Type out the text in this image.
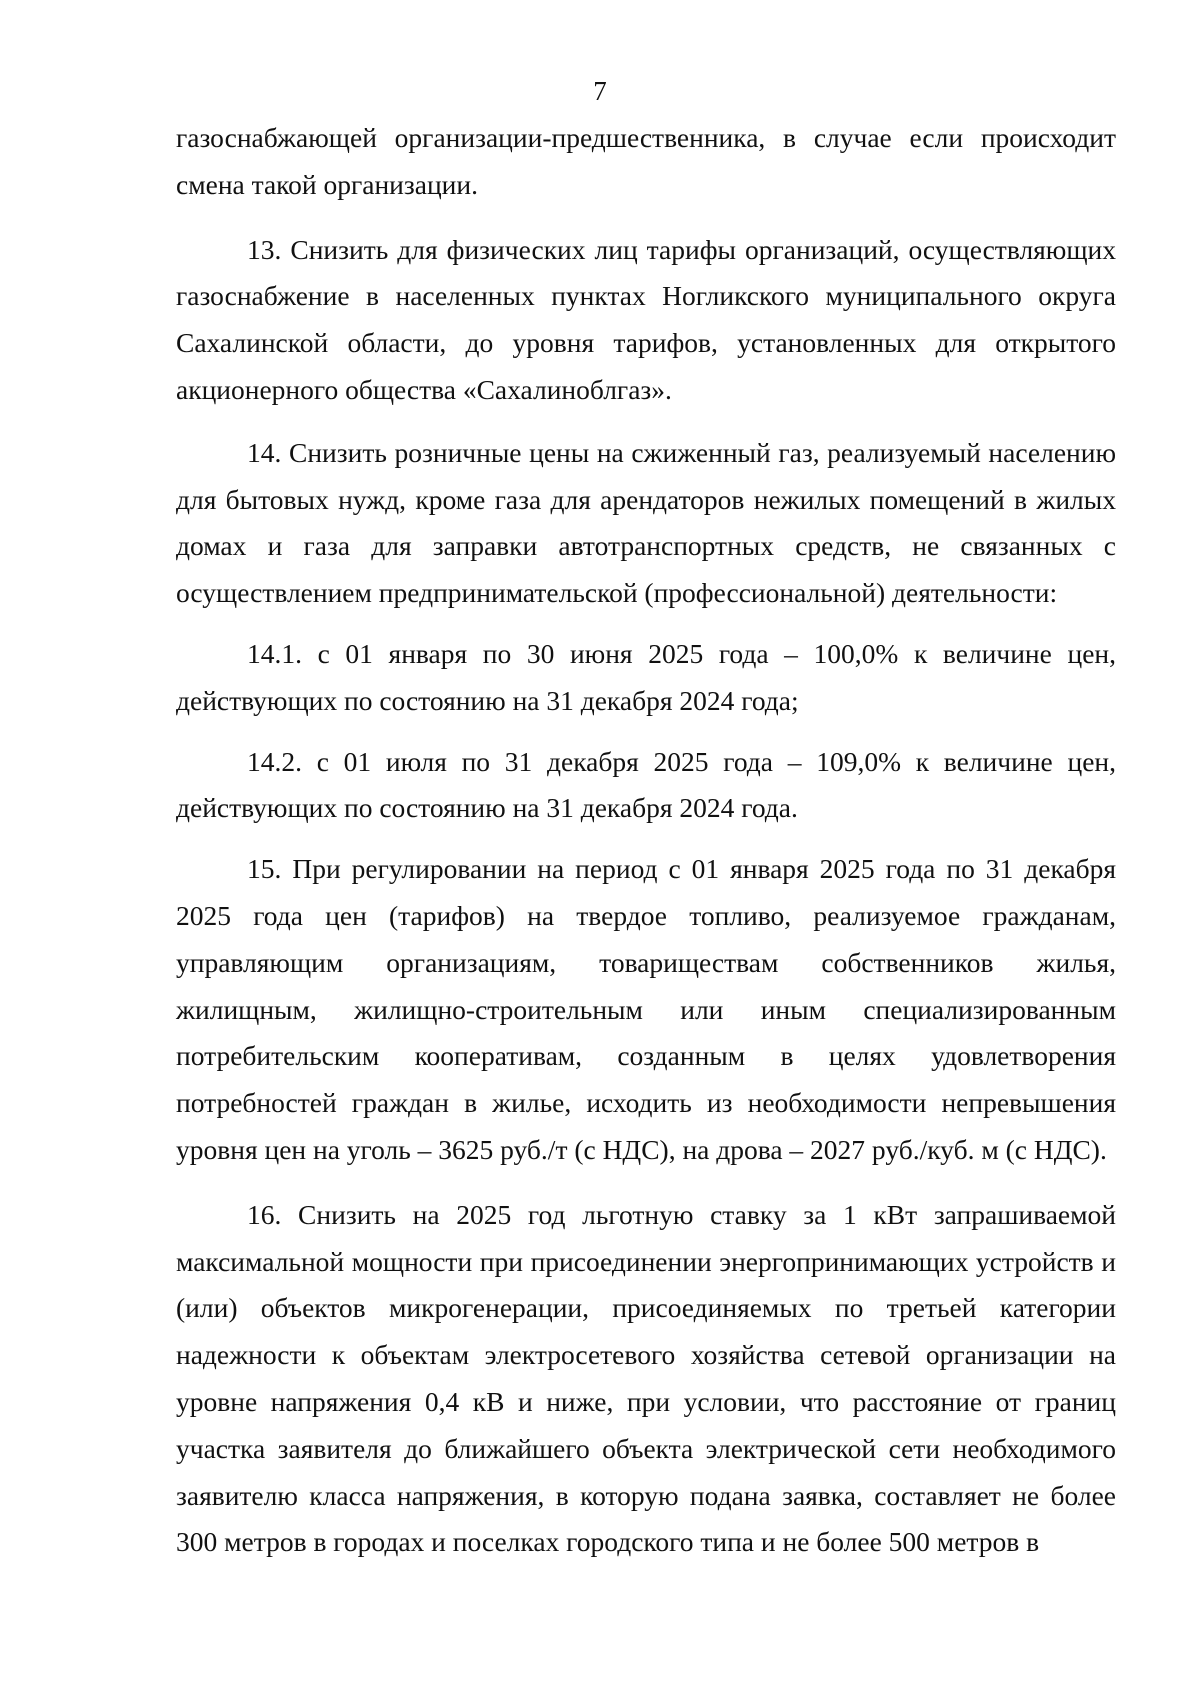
7

газоснабжающей организации-предшественника, в случае если происходит смена такой организации.

13. Снизить для физических лиц тарифы организаций, осуществляющих газоснабжение в населенных пунктах Ногликского муниципального округа Сахалинской области, до уровня тарифов, установленных для открытого акционерного общества «Сахалиноблгаз».

14. Снизить розничные цены на сжиженный газ, реализуемый населению для бытовых нужд, кроме газа для арендаторов нежилых помещений в жилых домах и газа для заправки автотранспортных средств, не связанных с осуществлением предпринимательской (профессиональной) деятельности:

14.1. с 01 января по 30 июня 2025 года – 100,0% к величине цен, действующих по состоянию на 31 декабря 2024 года;

14.2. с 01 июля по 31 декабря 2025 года – 109,0% к величине цен, действующих по состоянию на 31 декабря 2024 года.

15. При регулировании на период с 01 января 2025 года по 31 декабря 2025 года цен (тарифов) на твердое топливо, реализуемое гражданам, управляющим организациям, товариществам собственников жилья, жилищным, жилищно-строительным или иным специализированным потребительским кооперативам, созданным в целях удовлетворения потребностей граждан в жилье, исходить из необходимости непревышения уровня цен на уголь – 3625 руб./т (с НДС), на дрова – 2027 руб./куб. м (с НДС).

16. Снизить на 2025 год льготную ставку за 1 кВт запрашиваемой максимальной мощности при присоединении энергопринимающих устройств и (или) объектов микрогенерации, присоединяемых по третьей категории надежности к объектам электросетевого хозяйства сетевой организации на уровне напряжения 0,4 кВ и ниже, при условии, что расстояние от границ участка заявителя до ближайшего объекта электрической сети необходимого заявителю класса напряжения, в которую подана заявка, составляет не более 300 метров в городах и поселках городского типа и не более 500 метров в
